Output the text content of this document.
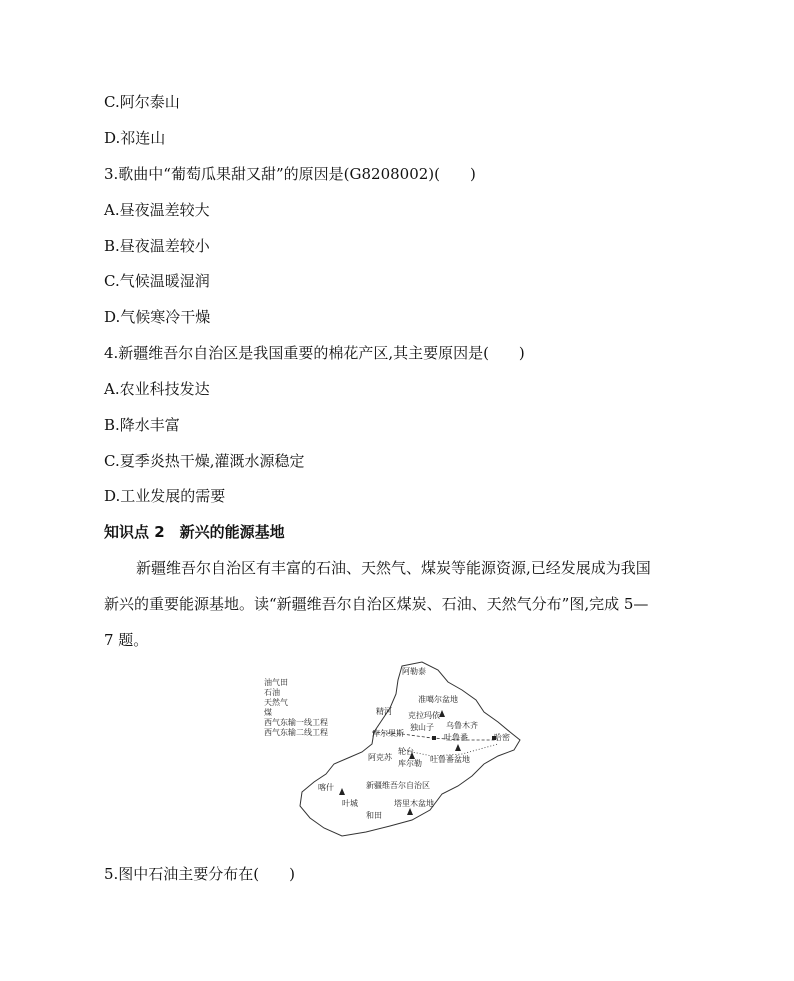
C.阿尔泰山
D.祁连山
3.歌曲中“葡萄瓜果甜又甜”的原因是(G8208002)(　　)
A.昼夜温差较大
B.昼夜温差较小
C.气候温暖湿润
D.气候寒冷干燥
4.新疆维吾尔自治区是我国重要的棉花产区,其主要原因是(　　)
A.农业科技发达
B.降水丰富
C.夏季炎热干燥,灌溉水源稳定
D.工业发展的需要
知识点 2　新兴的能源基地
新疆维吾尔自治区有丰富的石油、天然气、煤炭等能源资源,已经发展成为我国
新兴的重要能源基地。读“新疆维吾尔自治区煤炭、石油、天然气分布”图,完成 5—
7 题。
油气田
石油
天然气
煤
西气东输一线工程
西气东输二线工程
阿勒泰
准噶尔盆地
精河 克拉玛依
独山子
库尔果斯
乌鲁木齐
吐鲁番	哈密
轮台
吐鲁番盆地
阿克苏
库尔勒
新疆维吾尔自治区
喀什
叶城	塔里木盆地
和田
5.图中石油主要分布在(　　)
